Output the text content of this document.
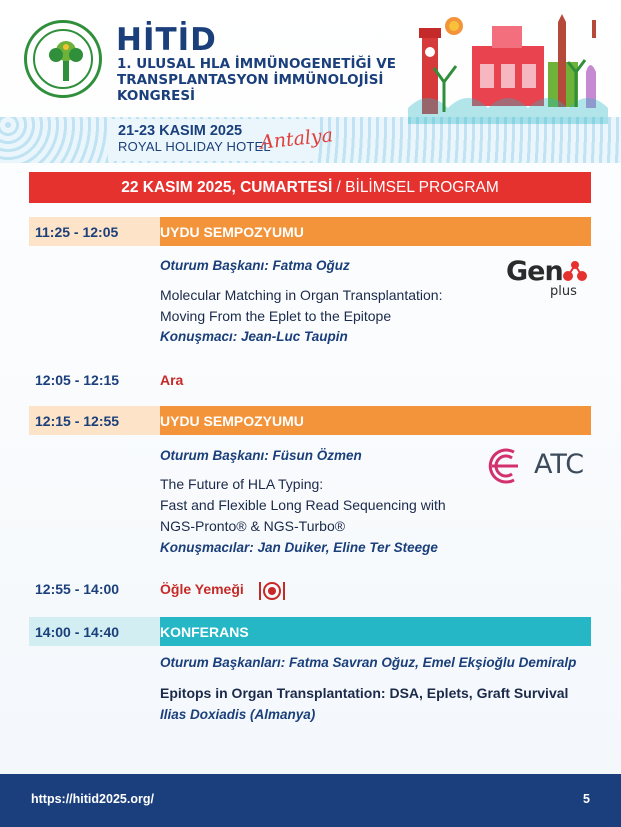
HİTİD
1. ULUSAL HLA İMMÜNOGENETİĞİ VE
TRANSPLANTASYON İMMÜNOLOJİSİ
KONGRESİ
21-23 KASIM 2025
ROYAL HOLIDAY HOTEL
Antalya
22 KASIM 2025, CUMARTESİ / BİLİMSEL PROGRAM
11:25 - 12:05	UYDU SEMPOZYUMU
Oturum Başkanı: Fatma Oğuz
Molecular Matching in Organ Transplantation:
Moving From the Eplet to the Epitope
Konuşmacı: Jean-Luc Taupin
Gen
plus
12:05 - 12:15	Ara
12:15 - 12:55	UYDU SEMPOZYUMU
Oturum Başkanı: Füsun Özmen
The Future of HLA Typing:
Fast and Flexible Long Read Sequencing with
NGS-Pronto® & NGS-Turbo®
Konuşmacılar: Jan Duiker, Eline Ter Steege
ATC
12:55 - 14:00	Öğle Yemeği
14:00 - 14:40	KONFERANS
Oturum Başkanları: Fatma Savran Oğuz, Emel Ekşioğlu Demiralp
Epitops in Organ Transplantation: DSA, Eplets, Graft Survival
Ilias Doxiadis (Almanya)
https://hitid2025.org/	5
